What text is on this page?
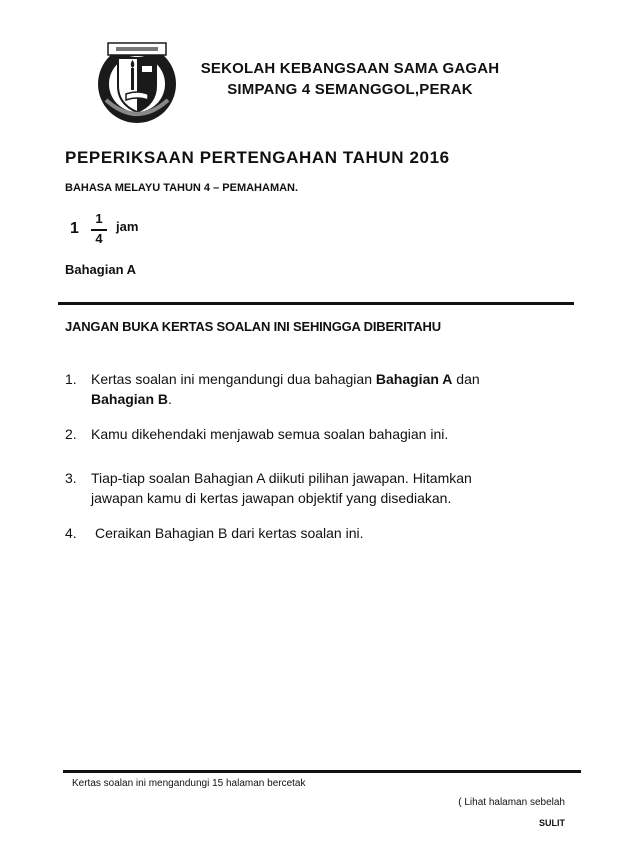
SEKOLAH KEBANGSAAN SAMA GAGAH
SIMPANG 4 SEMANGGOL,PERAK
PEPERIKSAAN PERTENGAHAN TAHUN 2016
BAHASA MELAYU TAHUN 4 – PEMAHAMAN.
1
1
4
jam
Bahagian A
JANGAN BUKA KERTAS SOALAN INI SEHINGGA DIBERITAHU
1. Kertas soalan ini mengandungi dua bahagian Bahagian A dan
Bahagian B.
2. Kamu dikehendaki menjawab semua soalan bahagian ini.
3. Tiap-tiap soalan Bahagian A diikuti pilihan jawapan. Hitamkan
jawapan kamu di kertas jawapan objektif yang disediakan.
4. Ceraikan Bahagian B dari kertas soalan ini.
Kertas soalan ini mengandungi 15 halaman bercetak
( Lihat halaman sebelah
SULIT
